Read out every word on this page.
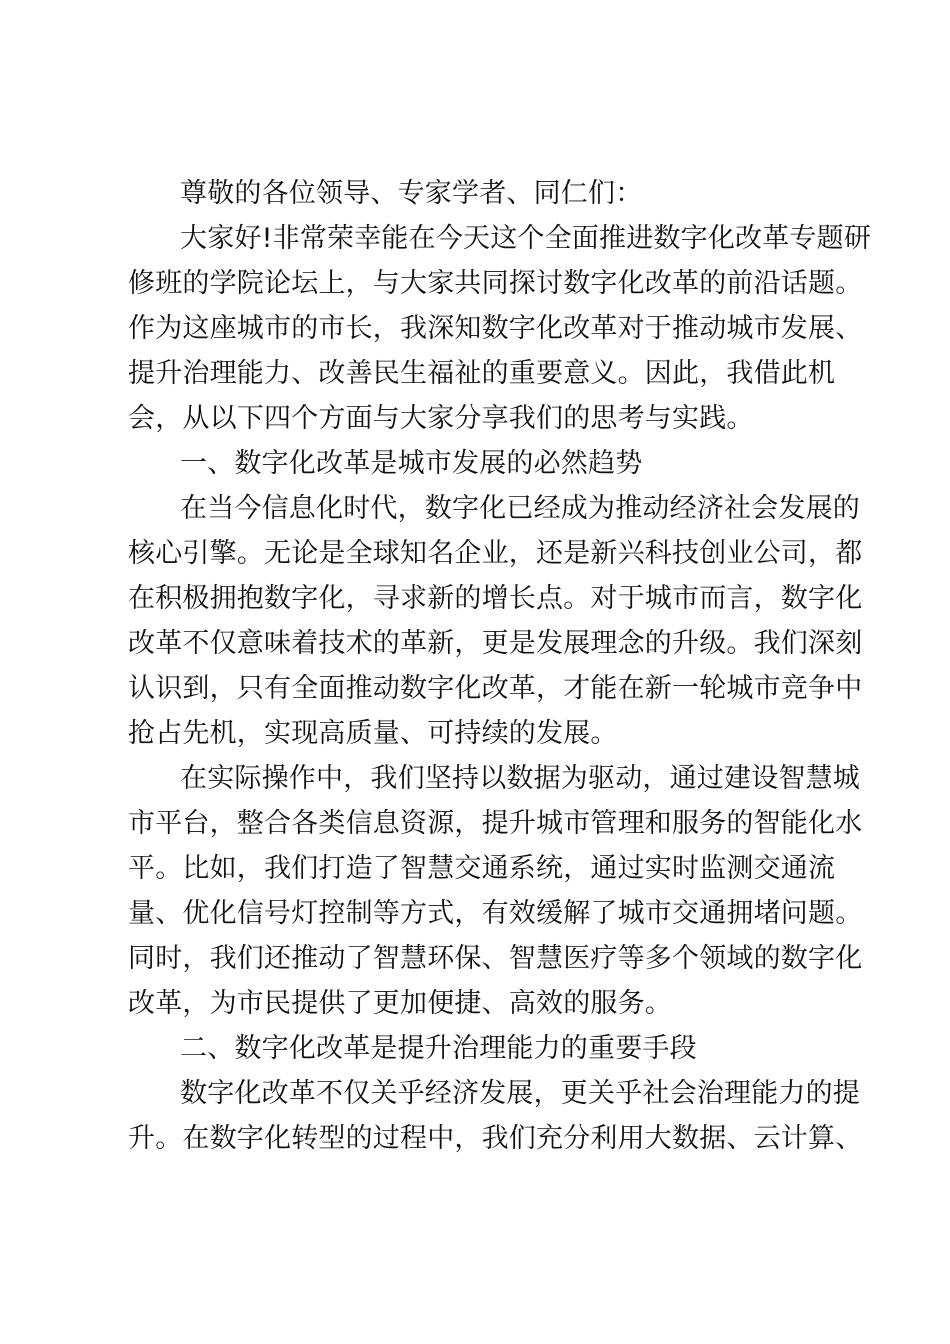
尊敬的各位领导、专家学者、同仁们：
大家好!非常荣幸能在今天这个全面推进数字化改革专题研
修班的学院论坛上，与大家共同探讨数字化改革的前沿话题。
作为这座城市的市长，我深知数字化改革对于推动城市发展、
提升治理能力、改善民生福祉的重要意义。因此，我借此机
会，从以下四个方面与大家分享我们的思考与实践。
一、数字化改革是城市发展的必然趋势
在当今信息化时代，数字化已经成为推动经济社会发展的
核心引擎。无论是全球知名企业，还是新兴科技创业公司，都
在积极拥抱数字化，寻求新的增长点。对于城市而言，数字化
改革不仅意味着技术的革新，更是发展理念的升级。我们深刻
认识到，只有全面推动数字化改革，才能在新一轮城市竞争中
抢占先机，实现高质量、可持续的发展。
在实际操作中，我们坚持以数据为驱动，通过建设智慧城
市平台，整合各类信息资源，提升城市管理和服务的智能化水
平。比如，我们打造了智慧交通系统，通过实时监测交通流
量、优化信号灯控制等方式，有效缓解了城市交通拥堵问题。
同时，我们还推动了智慧环保、智慧医疗等多个领域的数字化
改革，为市民提供了更加便捷、高效的服务。
二、数字化改革是提升治理能力的重要手段
数字化改革不仅关乎经济发展，更关乎社会治理能力的提
升。在数字化转型的过程中，我们充分利用大数据、云计算、
